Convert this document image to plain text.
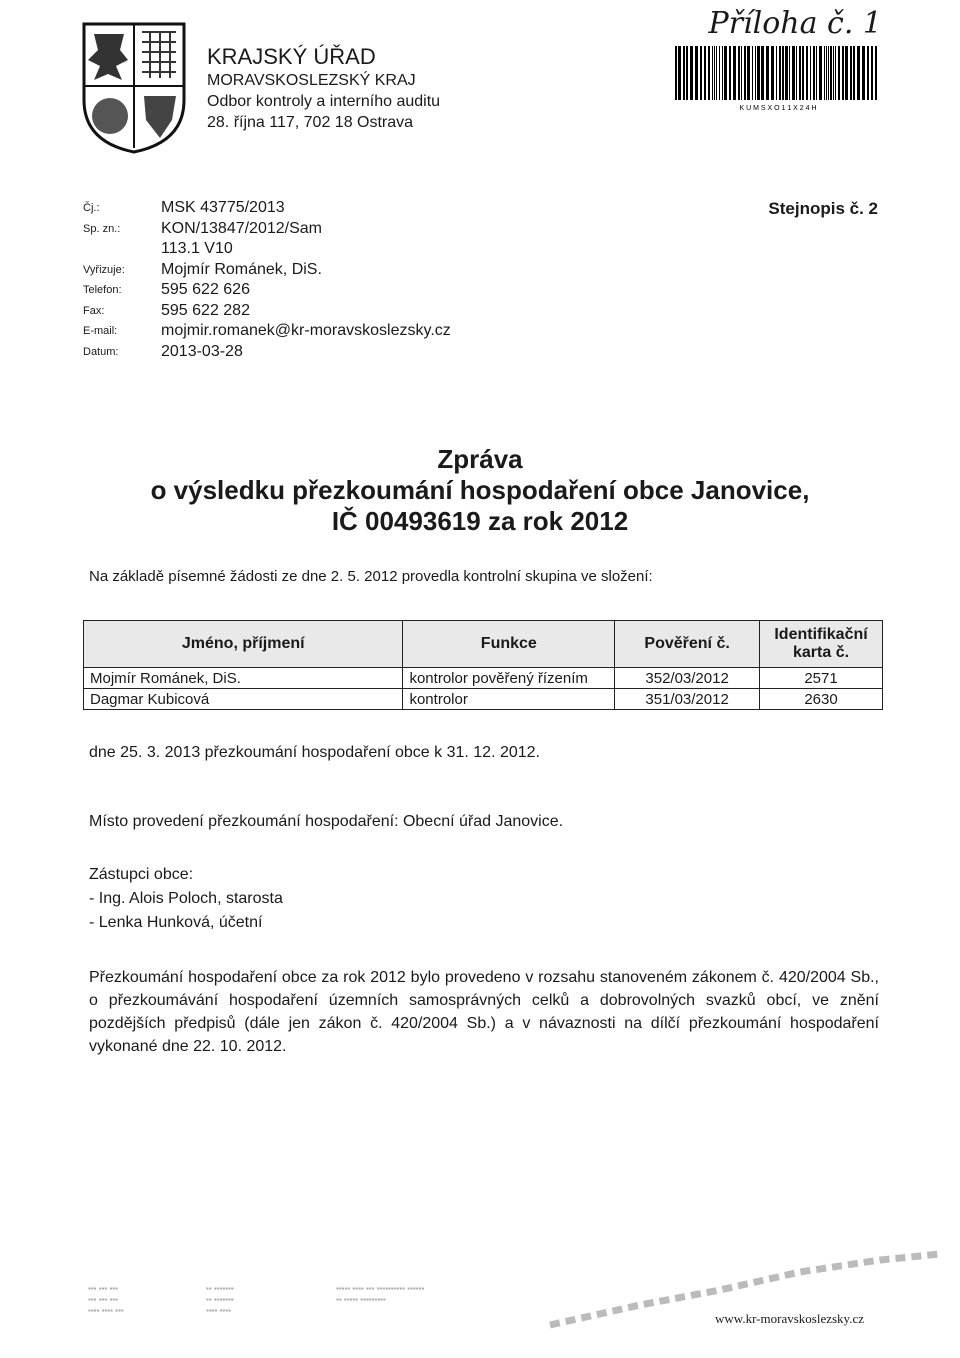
KRAJSKÝ ÚŘAD
MORAVSKOSLEZSKÝ KRAJ
Odbor kontroly a interního auditu
28. října 117, 702 18 Ostrava
Příloha č. 1
K U M S X O 1 1 X 2 4 H
Čj.:	MSK 43775/2013
Sp. zn.:	KON/13847/2012/Sam
113.1 V10
Vyřizuje:	Mojmír Románek, DiS.
Telefon:	595 622 626
Fax:	595 622 282
E-mail:	mojmir.romanek@kr-moravskoslezsky.cz
Datum:	2013-03-28
Stejnopis č. 2
Zpráva
o výsledku přezkoumání hospodaření obce Janovice,
IČ 00493619 za rok 2012
Na základě písemné žádosti ze dne 2. 5. 2012 provedla kontrolní skupina ve složení:
Jméno, příjmení	Funkce	Pověření č.	Identifikační karta č.
Mojmír Románek, DiS.	kontrolor pověřený řízením	352/03/2012	2571
Dagmar Kubicová	kontrolor	351/03/2012	2630
dne 25. 3. 2013 přezkoumání hospodaření obce k 31. 12. 2012.
Místo provedení přezkoumání hospodaření: Obecní úřad Janovice.
Zástupci obce:
- Ing. Alois Poloch, starosta
- Lenka Hunková, účetní
Přezkoumání hospodaření obce za rok 2012 bylo provedeno v rozsahu stanoveném zákonem č. 420/2004 Sb., o přezkoumávání hospodaření územních samosprávných celků a dobrovolných svazků obcí, ve znění pozdějších předpisů (dále jen zákon č. 420/2004 Sb.) a v návaznosti na dílčí přezkoumání hospodaření vykonané dne 22. 10. 2012.
▪▪▪ ▪▪▪ ▪▪▪
▪▪▪ ▪▪▪ ▪▪▪
▪▪▪▪ ▪▪▪▪ ▪▪▪
▪▪ ▪▪▪▪▪▪▪
▪▪ ▪▪▪▪▪▪▪
▪▪▪▪ ▪▪▪▪
▪▪▪▪▪ ▪▪▪▪ ▪▪▪ ▪▪▪▪▪▪▪▪▪▪ ▪▪▪▪▪▪
▪▪ ▪▪▪▪▪ ▪▪▪▪▪▪▪▪▪
www.kr-moravskoslezsky.cz
